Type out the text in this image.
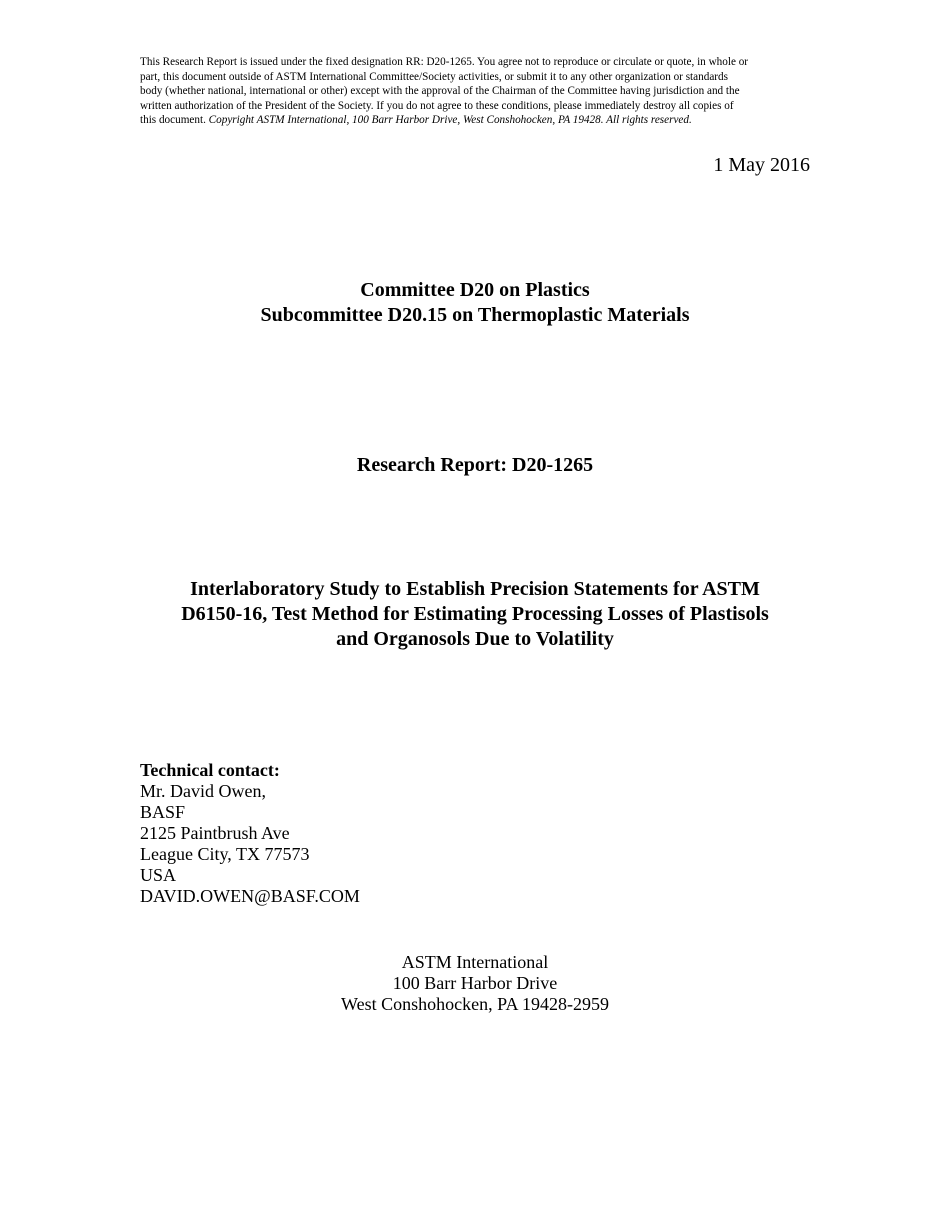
This Research Report is issued under the fixed designation RR: D20-1265. You agree not to reproduce or circulate or quote, in whole or
part, this document outside of ASTM International Committee/Society activities, or submit it to any other organization or standards
body (whether national, international or other) except with the approval of the Chairman of the Committee having jurisdiction and the
written authorization of the President of the Society. If you do not agree to these conditions, please immediately destroy all copies of
this document. Copyright ASTM International, 100 Barr Harbor Drive, West Conshohocken, PA 19428. All rights reserved.
1 May 2016
Committee D20 on Plastics
Subcommittee D20.15 on Thermoplastic Materials
Research Report: D20-1265
Interlaboratory Study to Establish Precision Statements for ASTM
D6150-16, Test Method for Estimating Processing Losses of Plastisols
and Organosols Due to Volatility
Technical contact:
Mr. David Owen,
BASF
2125 Paintbrush Ave
League City, TX 77573
USA
DAVID.OWEN@BASF.COM
ASTM International
100 Barr Harbor Drive
West Conshohocken, PA 19428-2959
